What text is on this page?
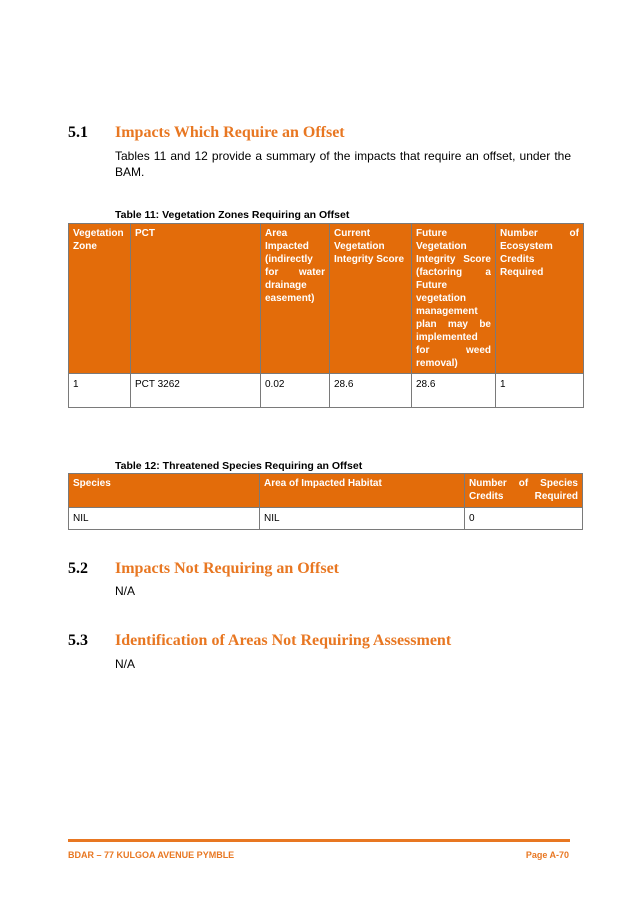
5.1	Impacts Which Require an Offset
Tables 11 and 12 provide a summary of the impacts that require an offset, under the BAM.
Table 11: Vegetation Zones Requiring an Offset
Vegetation Zone	PCT	Area Impacted (indirectly for water drainage easement)	Current Vegetation Integrity Score	Future Vegetation Integrity Score (factoring a Future vegetation management plan may be implemented for weed removal)	Number of Ecosystem Credits Required
1	PCT 3262	0.02	28.6	28.6	1
Table 12: Threatened Species Requiring an Offset
Species	Area of Impacted Habitat	Number of Species Credits Required
NIL	NIL	0
5.2	Impacts Not Requiring an Offset
N/A
5.3	Identification of Areas Not Requiring Assessment
N/A
BDAR – 77 KULGOA AVENUE PYMBLE	Page A-70
